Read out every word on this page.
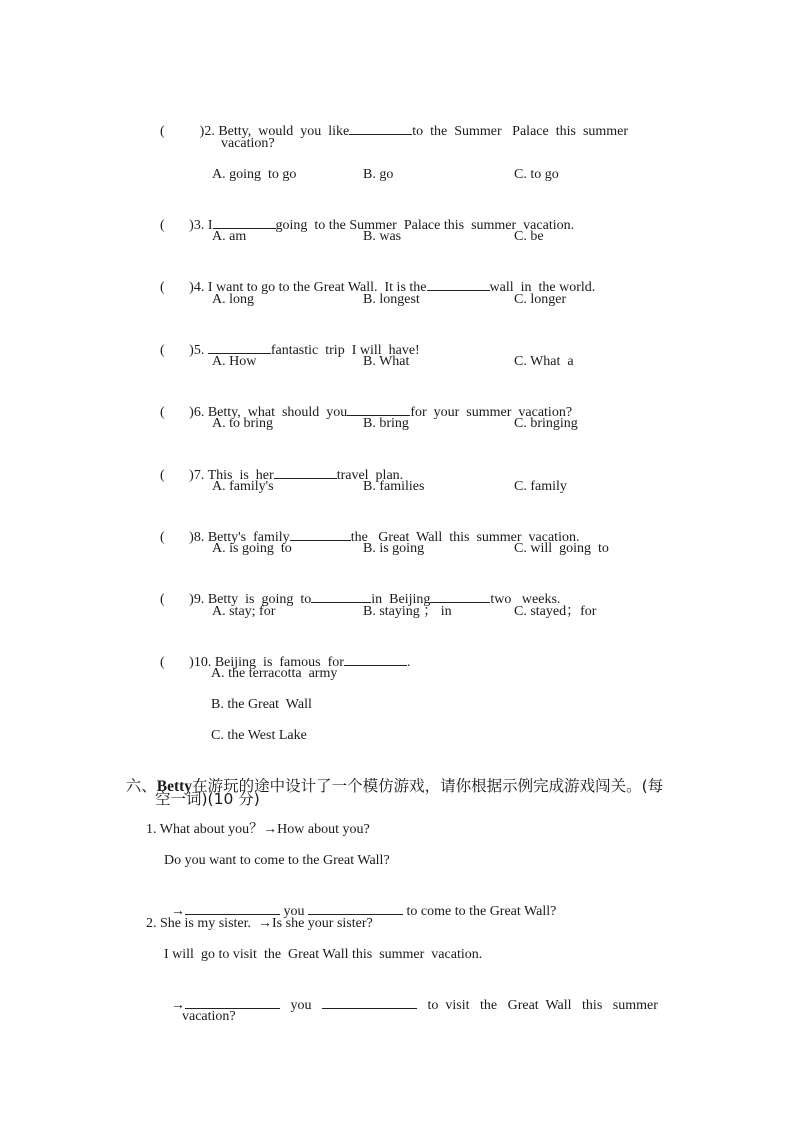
(          )2. Betty,  would  you  like	to  the  Summer   Palace  this  summer

vacation?
A. going  to go	B. go	C. to go

(       )3. I	going  to the Summer  Palace this  summer  vacation.

A. am	B. was	C. be

(       )4. I want to go to the Great Wall.  It is the	wall  in  the world.

A. long	B. longest	C. longer

(       )5.	fantastic  trip  I will  have!

A. How	B. What	C. What  a

(       )6. Betty,  what  should  you	for  your  summer  vacation?

A. to bring	B. bring	C. bringing

(       )7. This  is  her	travel  plan.

A. family's	B. families	C. family

(       )8. Betty's  family	the   Great  Wall  this  summer  vacation.

A. is going  to	B. is going	C. will  going  to

(       )9. Betty  is  going  to	in  Beijing	two   weeks.

A. stay; for	B. staying ； in	C. stayed；for

(       )10. Beijing  is  famous  for	.

A. the terracotta  army
B. the Great  Wall
C. the West Lake

六、Betty在游玩的途中设计了一个模仿游戏，请你根据示例完成游戏闯关。(每

空一词)(10 分)
1. What about you？→How about you?
Do you want to come to the Great Wall?

→	you	to come to the Great Wall?

2. She is my sister.  →Is she your sister?
I will  go to visit  the  Great Wall this  summer  vacation.

→	you	to  visit   the   Great  Wall   this   summer

vacation?
